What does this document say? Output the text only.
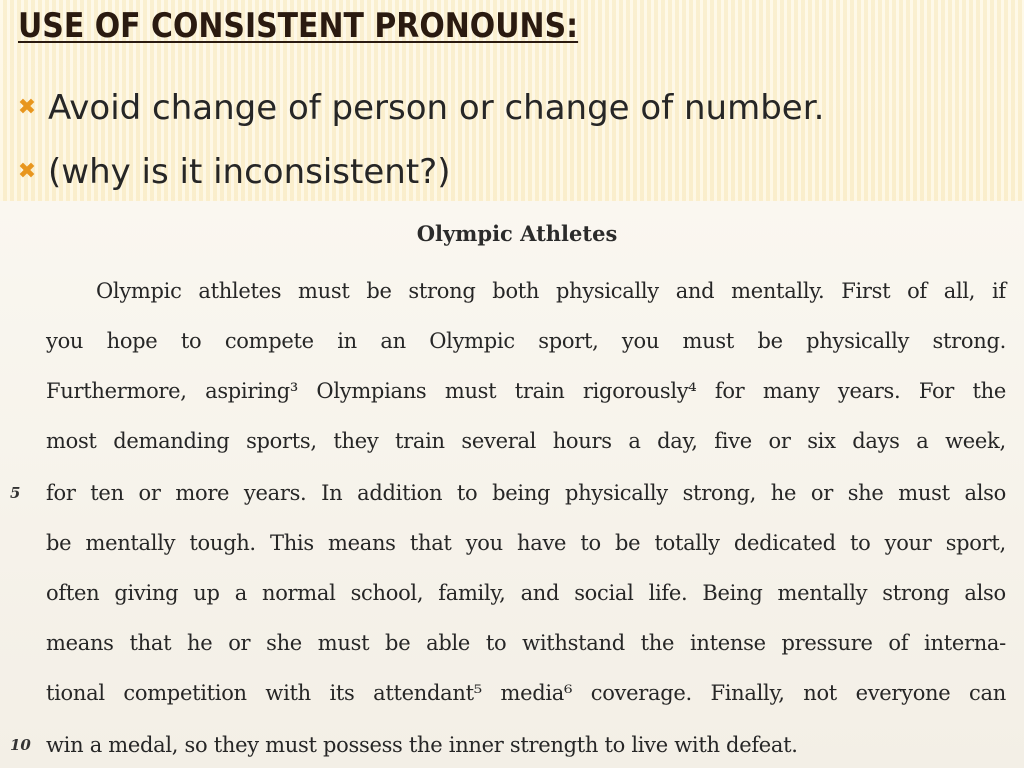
USE OF CONSISTENT PRONOUNS:
✖ Avoid change of person or change of number.
✖ (why is it inconsistent?)
Olympic Athletes
Olympic athletes must be strong both physically and mentally. First of all, if
you hope to compete in an Olympic sport, you must be physically strong.
Furthermore, aspiring³ Olympians must train rigorously⁴ for many years. For the
most demanding sports, they train several hours a day, five or six days a week,
5 for ten or more years. In addition to being physically strong, he or she must also
be mentally tough. This means that you have to be totally dedicated to your sport,
often giving up a normal school, family, and social life. Being mentally strong also
means that he or she must be able to withstand the intense pressure of interna-
tional competition with its attendant⁵ media⁶ coverage. Finally, not everyone can
10 win a medal, so they must possess the inner strength to live with defeat.
